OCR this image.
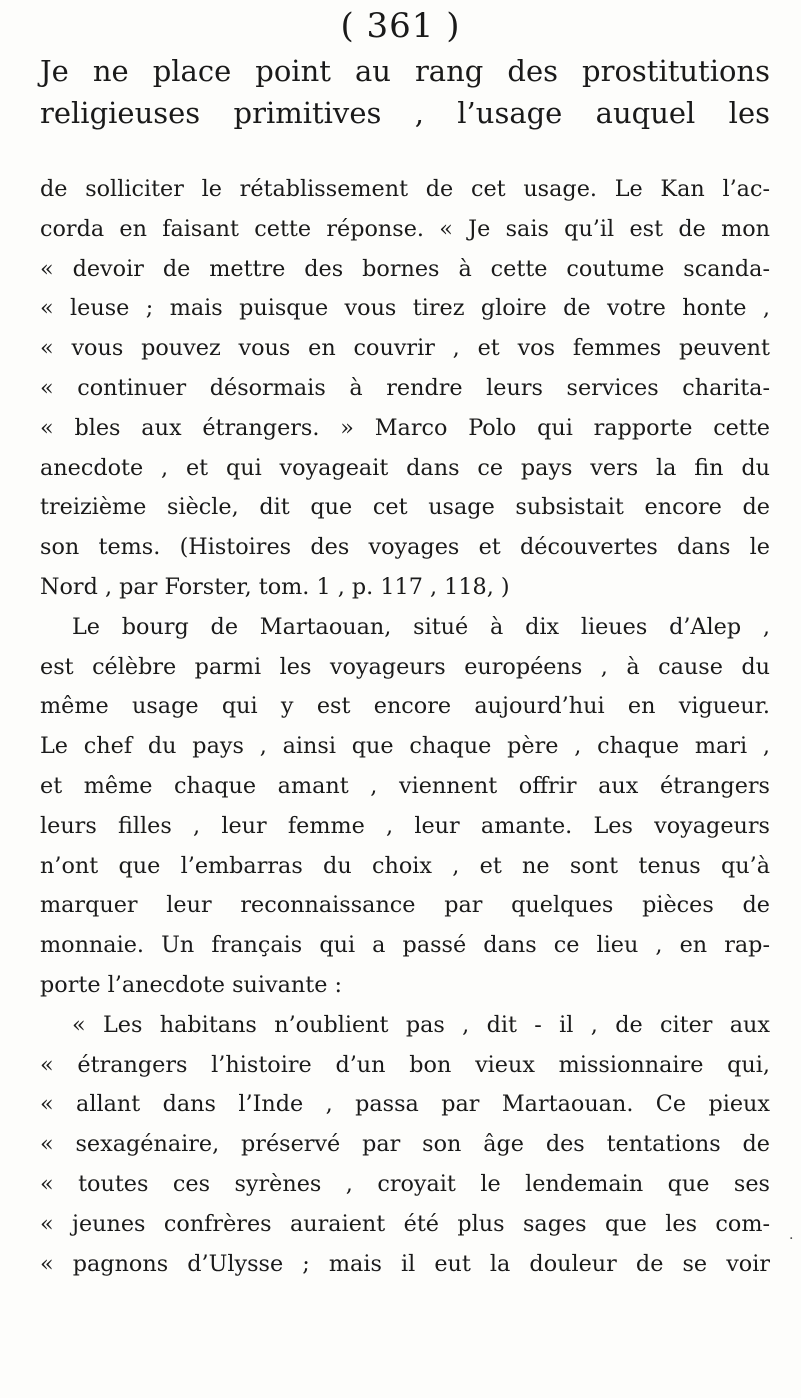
( 361 )
Je ne place point au rang des prostitutions
religieuses primitives , l’usage auquel les
de solliciter le rétablissement de cet usage. Le Kan l’ac-
corda en faisant cette réponse. « Je sais qu’il est de mon
« devoir de mettre des bornes à cette coutume scanda-
« leuse ; mais puisque vous tirez gloire de votre honte ,
« vous pouvez vous en couvrir , et vos femmes peuvent
« continuer désormais à rendre leurs services charita-
« bles aux étrangers. » Marco Polo qui rapporte cette
anecdote , et qui voyageait dans ce pays vers la fin du
treizième siècle, dit que cet usage subsistait encore de
son tems. (Histoires des voyages et découvertes dans le
Nord , par Forster, tom. 1 , p. 117 , 118, )
Le bourg de Martaouan, situé à dix lieues d’Alep ,
est célèbre parmi les voyageurs européens , à cause du
même usage qui y est encore aujourd’hui en vigueur.
Le chef du pays , ainsi que chaque père , chaque mari ,
et même chaque amant , viennent offrir aux étrangers
leurs filles , leur femme , leur amante. Les voyageurs
n’ont que l’embarras du choix , et ne sont tenus qu’à
marquer leur reconnaissance par quelques pièces de
monnaie. Un français qui a passé dans ce lieu , en rap-
porte l’anecdote suivante :
« Les habitans n’oublient pas , dit - il , de citer aux
« étrangers l’histoire d’un bon vieux missionnaire qui,
« allant dans l’Inde , passa par Martaouan. Ce pieux
« sexagénaire, préservé par son âge des tentations de
« toutes ces syrènes , croyait le lendemain que ses
« jeunes confrères auraient été plus sages que les com-
« pagnons d’Ulysse ; mais il eut la douleur de se voir
.
